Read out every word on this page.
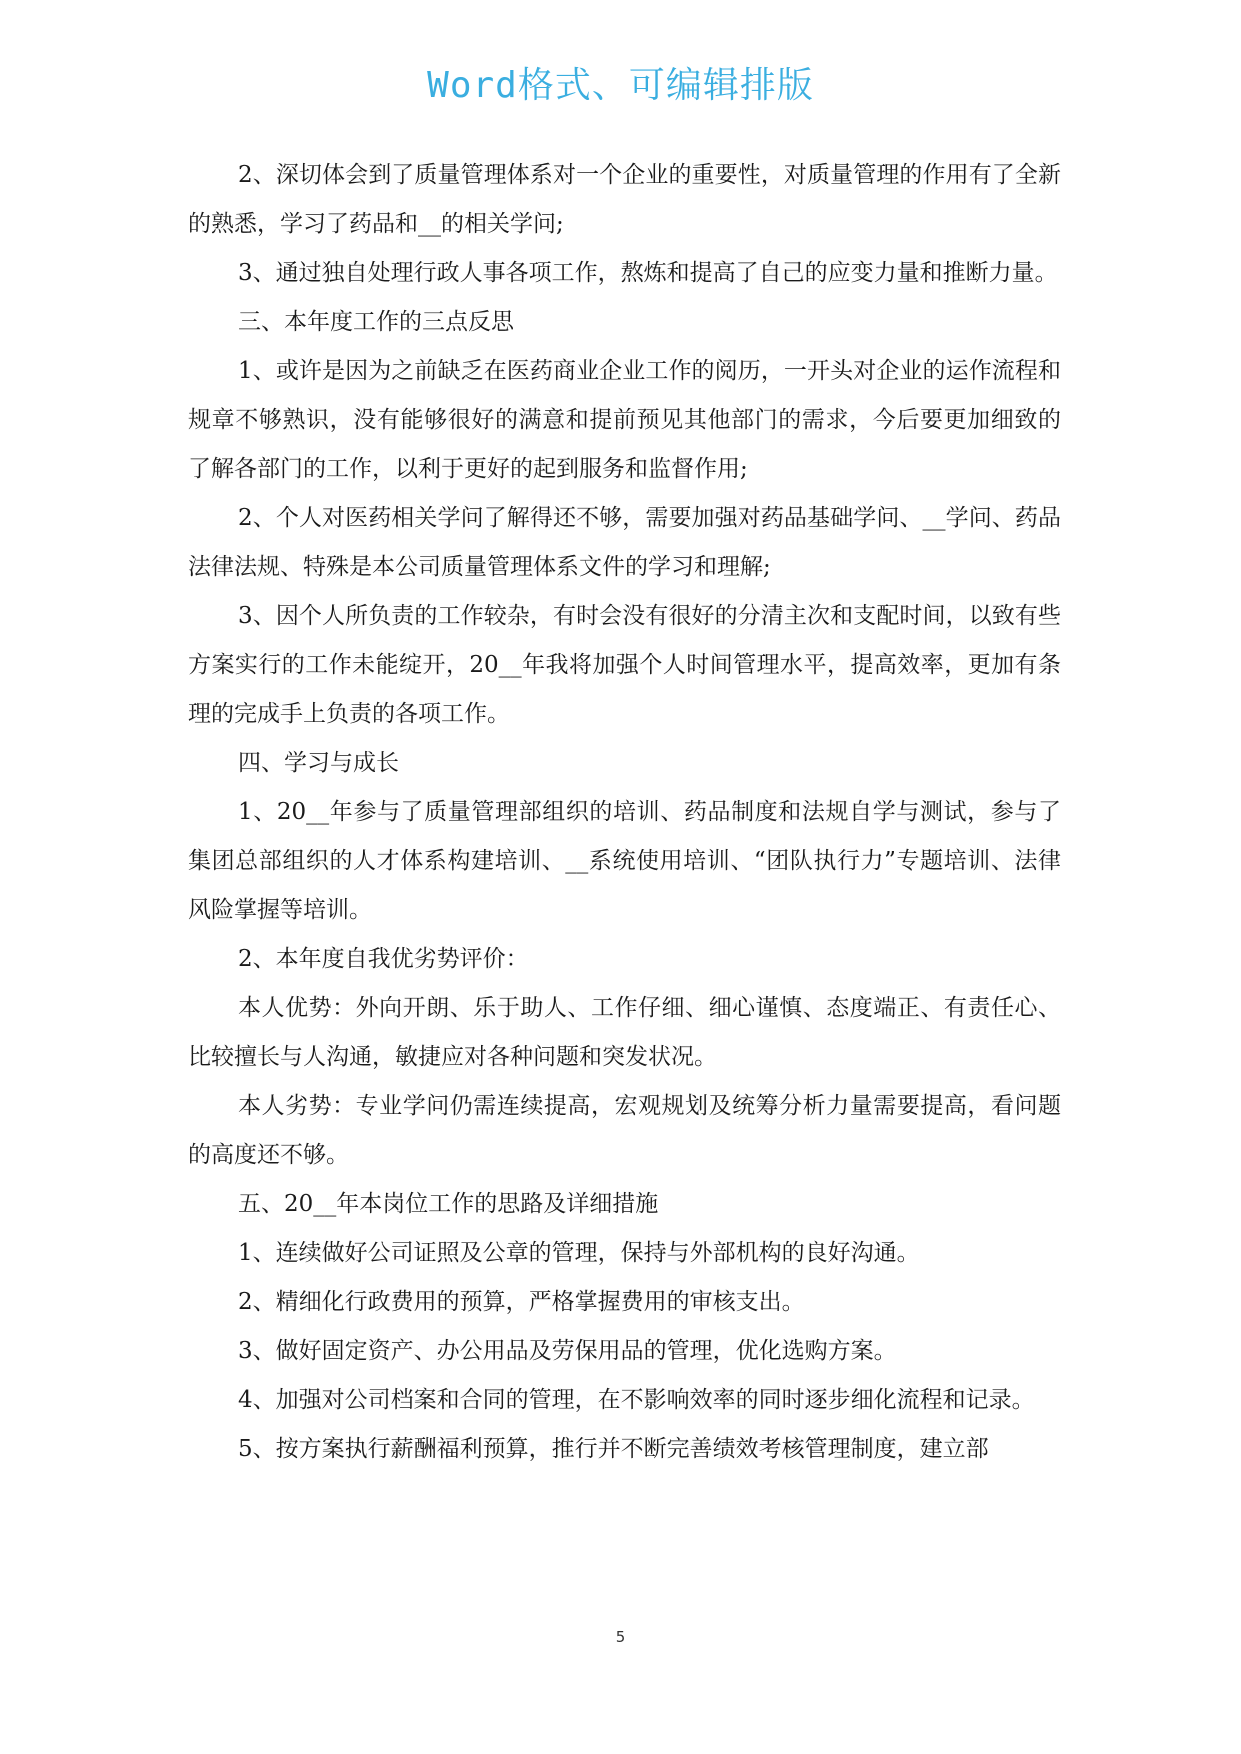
Word格式、可编辑排版

2、深切体会到了质量管理体系对一个企业的重要性，对质量管理的作用有了全新的熟悉，学习了药品和__的相关学问;

3、通过独自处理行政人事各项工作，熬炼和提高了自己的应变力量和推断力量。

三、本年度工作的三点反思

1、或许是因为之前缺乏在医药商业企业工作的阅历，一开头对企业的运作流程和规章不够熟识，没有能够很好的满意和提前预见其他部门的需求，今后要更加细致的了解各部门的工作，以利于更好的起到服务和监督作用;

2、个人对医药相关学问了解得还不够，需要加强对药品基础学问、__学问、药品法律法规、特殊是本公司质量管理体系文件的学习和理解;

3、因个人所负责的工作较杂，有时会没有很好的分清主次和支配时间，以致有些方案实行的工作未能绽开，20__年我将加强个人时间管理水平，提高效率，更加有条理的完成手上负责的各项工作。

四、学习与成长

1、20__年参与了质量管理部组织的培训、药品制度和法规自学与测试，参与了集团总部组织的人才体系构建培训、__系统使用培训、“团队执行力”专题培训、法律风险掌握等培训。

2、本年度自我优劣势评价：

本人优势：外向开朗、乐于助人、工作仔细、细心谨慎、态度端正、有责任心、比较擅长与人沟通，敏捷应对各种问题和突发状况。

本人劣势：专业学问仍需连续提高，宏观规划及统筹分析力量需要提高，看问题的高度还不够。

五、20__年本岗位工作的思路及详细措施

1、连续做好公司证照及公章的管理，保持与外部机构的良好沟通。

2、精细化行政费用的预算，严格掌握费用的审核支出。

3、做好固定资产、办公用品及劳保用品的管理，优化选购方案。

4、加强对公司档案和合同的管理，在不影响效率的同时逐步细化流程和记录。

5、按方案执行薪酬福利预算，推行并不断完善绩效考核管理制度，建立部

5
